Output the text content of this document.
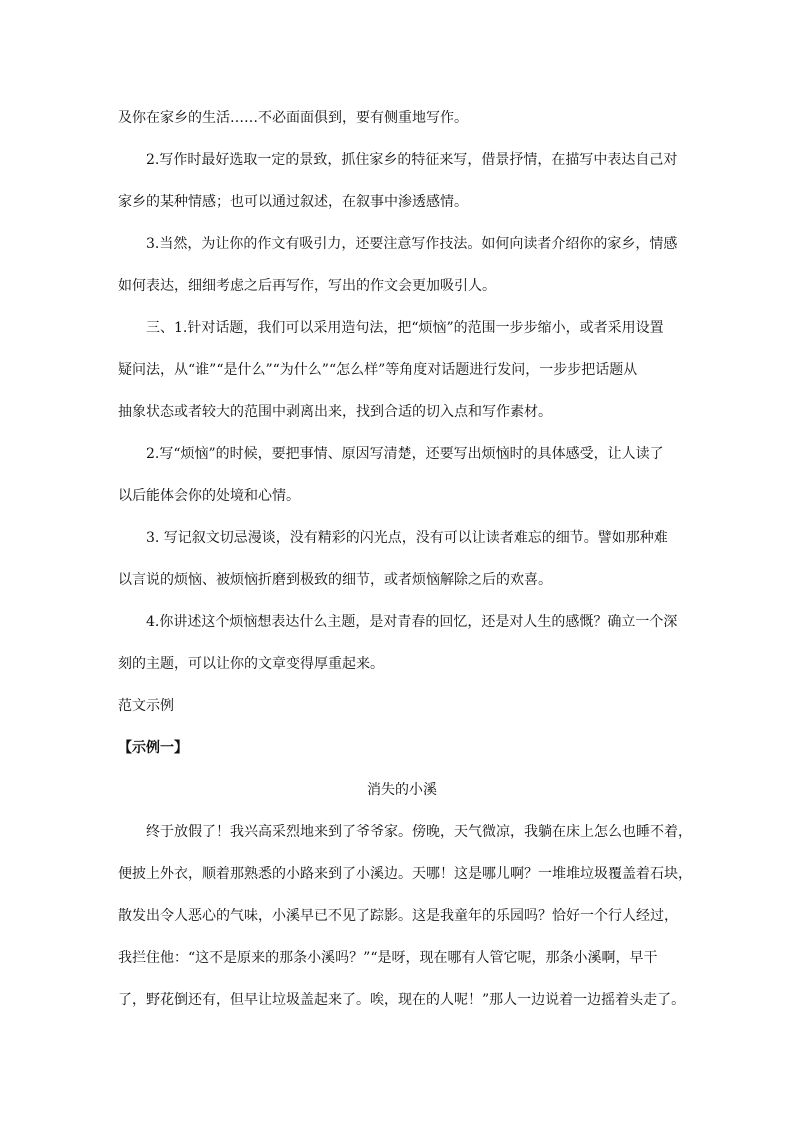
及你在家乡的生活……不必面面俱到，要有侧重地写作。
2.写作时最好选取一定的景致，抓住家乡的特征来写，借景抒情，在描写中表达自己对
家乡的某种情感；也可以通过叙述，在叙事中渗透感情。
3.当然，为让你的作文有吸引力，还要注意写作技法。如何向读者介绍你的家乡，情感
如何表达，细细考虑之后再写作，写出的作文会更加吸引人。
三、1.针对话题，我们可以采用造句法，把“烦恼”的范围一步步缩小，或者采用设置
疑问法，从“谁”“是什么”“为什么”“怎么样”等角度对话题进行发问，一步步把话题从
抽象状态或者较大的范围中剥离出来，找到合适的切入点和写作素材。
2.写“烦恼”的时候，要把事情、原因写清楚，还要写出烦恼时的具体感受，让人读了
以后能体会你的处境和心情。
3. 写记叙文切忌漫谈，没有精彩的闪光点，没有可以让读者难忘的细节。譬如那种难
以言说的烦恼、被烦恼折磨到极致的细节，或者烦恼解除之后的欢喜。
4.你讲述这个烦恼想表达什么主题，是对青春的回忆，还是对人生的感慨？确立一个深
刻的主题，可以让你的文章变得厚重起来。
范文示例
【示例一】
消失的小溪
终于放假了！我兴高采烈地来到了爷爷家。傍晚，天气微凉，我躺在床上怎么也睡不着，
便披上外衣，顺着那熟悉的小路来到了小溪边。天哪！这是哪儿啊？一堆堆垃圾覆盖着石块，
散发出令人恶心的气味，小溪早已不见了踪影。这是我童年的乐园吗？恰好一个行人经过，
我拦住他：“这不是原来的那条小溪吗？”“是呀，现在哪有人管它呢，那条小溪啊，早干
了，野花倒还有，但早让垃圾盖起来了。唉，现在的人呢！”那人一边说着一边摇着头走了。
